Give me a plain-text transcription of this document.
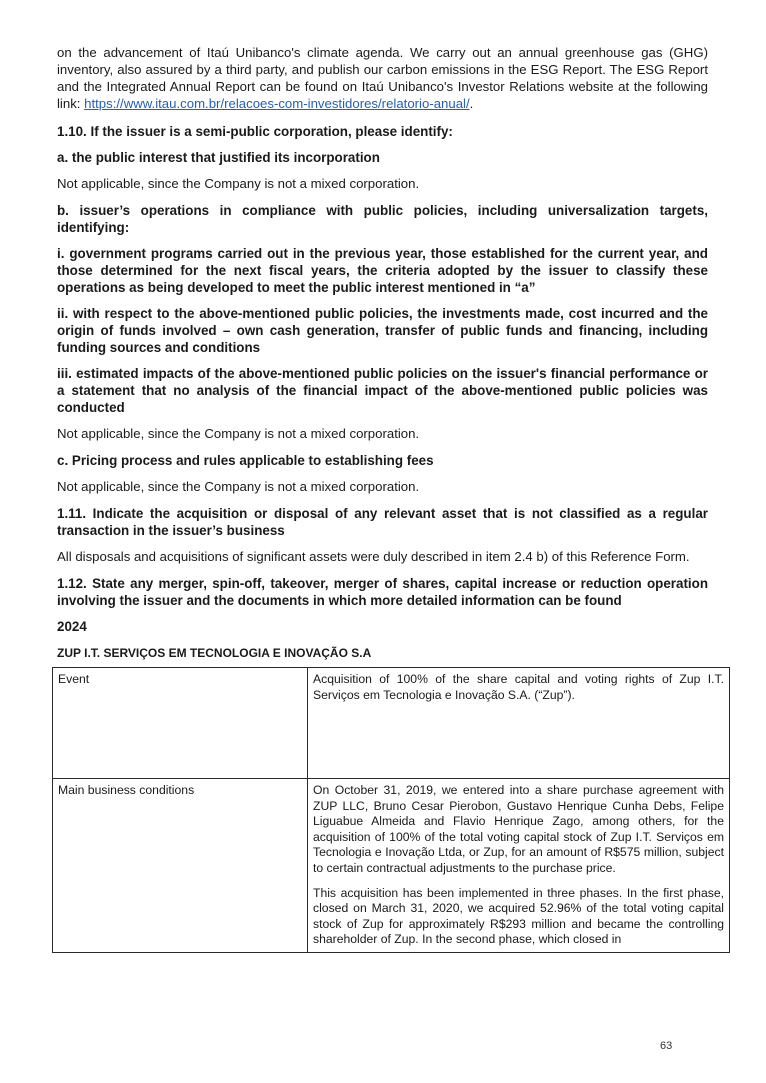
on the advancement of Itaú Unibanco's climate agenda. We carry out an annual greenhouse gas (GHG) inventory, also assured by a third party, and publish our carbon emissions in the ESG Report. The ESG Report and the Integrated Annual Report can be found on Itaú Unibanco's Investor Relations website at the following link: https://www.itau.com.br/relacoes-com-investidores/relatorio-anual/.

1.10. If the issuer is a semi-public corporation, please identify:

a. the public interest that justified its incorporation

Not applicable, since the Company is not a mixed corporation.

b. issuer’s operations in compliance with public policies, including universalization targets, identifying:

i. government programs carried out in the previous year, those established for the current year, and those determined for the next fiscal years, the criteria adopted by the issuer to classify these operations as being developed to meet the public interest mentioned in “a”

ii. with respect to the above-mentioned public policies, the investments made, cost incurred and the origin of funds involved – own cash generation, transfer of public funds and financing, including funding sources and conditions

iii. estimated impacts of the above-mentioned public policies on the issuer's financial performance or a statement that no analysis of the financial impact of the above-mentioned public policies was conducted

Not applicable, since the Company is not a mixed corporation.

c. Pricing process and rules applicable to establishing fees

Not applicable, since the Company is not a mixed corporation.

1.11. Indicate the acquisition or disposal of any relevant asset that is not classified as a regular transaction in the issuer’s business

All disposals and acquisitions of significant assets were duly described in item 2.4 b) of this Reference Form.

1.12. State any merger, spin-off, takeover, merger of shares, capital increase or reduction operation involving the issuer and the documents in which more detailed information can be found

2024

ZUP I.T. SERVIÇOS EM TECNOLOGIA E INOVAÇÃO S.A

Event	Acquisition of 100% of the share capital and voting rights of Zup I.T. Serviços em Tecnologia e Inovação S.A. (“Zup”).

Main business conditions	On October 31, 2019, we entered into a share purchase agreement with ZUP LLC, Bruno Cesar Pierobon, Gustavo Henrique Cunha Debs, Felipe Liguabue Almeida and Flavio Henrique Zago, among others, for the acquisition of 100% of the total voting capital stock of Zup I.T. Serviços em Tecnologia e Inovação Ltda, or Zup, for an amount of R$575 million, subject to certain contractual adjustments to the purchase price.

This acquisition has been implemented in three phases. In the first phase, closed on March 31, 2020, we acquired 52.96% of the total voting capital stock of Zup for approximately R$293 million and became the controlling shareholder of Zup. In the second phase, which closed in

63
